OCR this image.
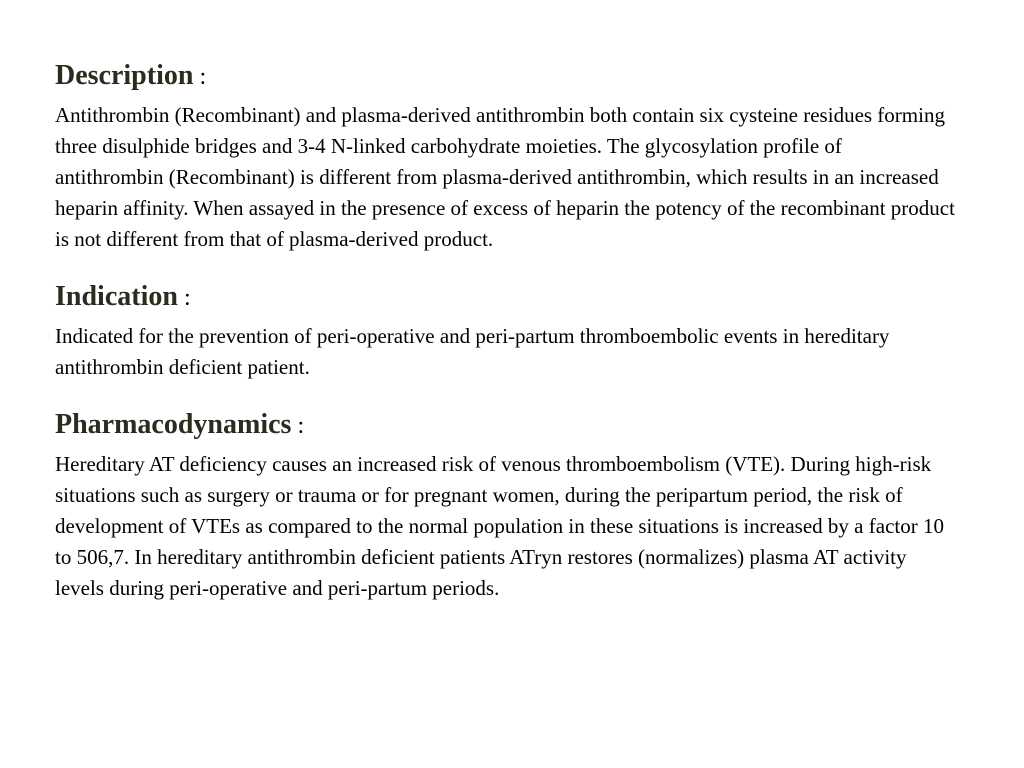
Description :

Antithrombin (Recombinant) and plasma-derived antithrombin both contain six cysteine residues forming three disulphide bridges and 3-4 N-linked carbohydrate moieties. The glycosylation profile of antithrombin (Recombinant) is different from plasma-derived antithrombin, which results in an increased heparin affinity. When assayed in the presence of excess of heparin the potency of the recombinant product is not different from that of plasma-derived product.

Indication :

Indicated for the prevention of peri-operative and peri-partum thromboembolic events in hereditary antithrombin deficient patient.

Pharmacodynamics :

Hereditary AT deficiency causes an increased risk of venous thromboembolism (VTE). During high-risk situations such as surgery or trauma or for pregnant women, during the peripartum period, the risk of development of VTEs as compared to the normal population in these situations is increased by a factor 10 to 506,7. In hereditary antithrombin deficient patients ATryn restores (normalizes) plasma AT activity levels during peri-operative and peri-partum periods.
